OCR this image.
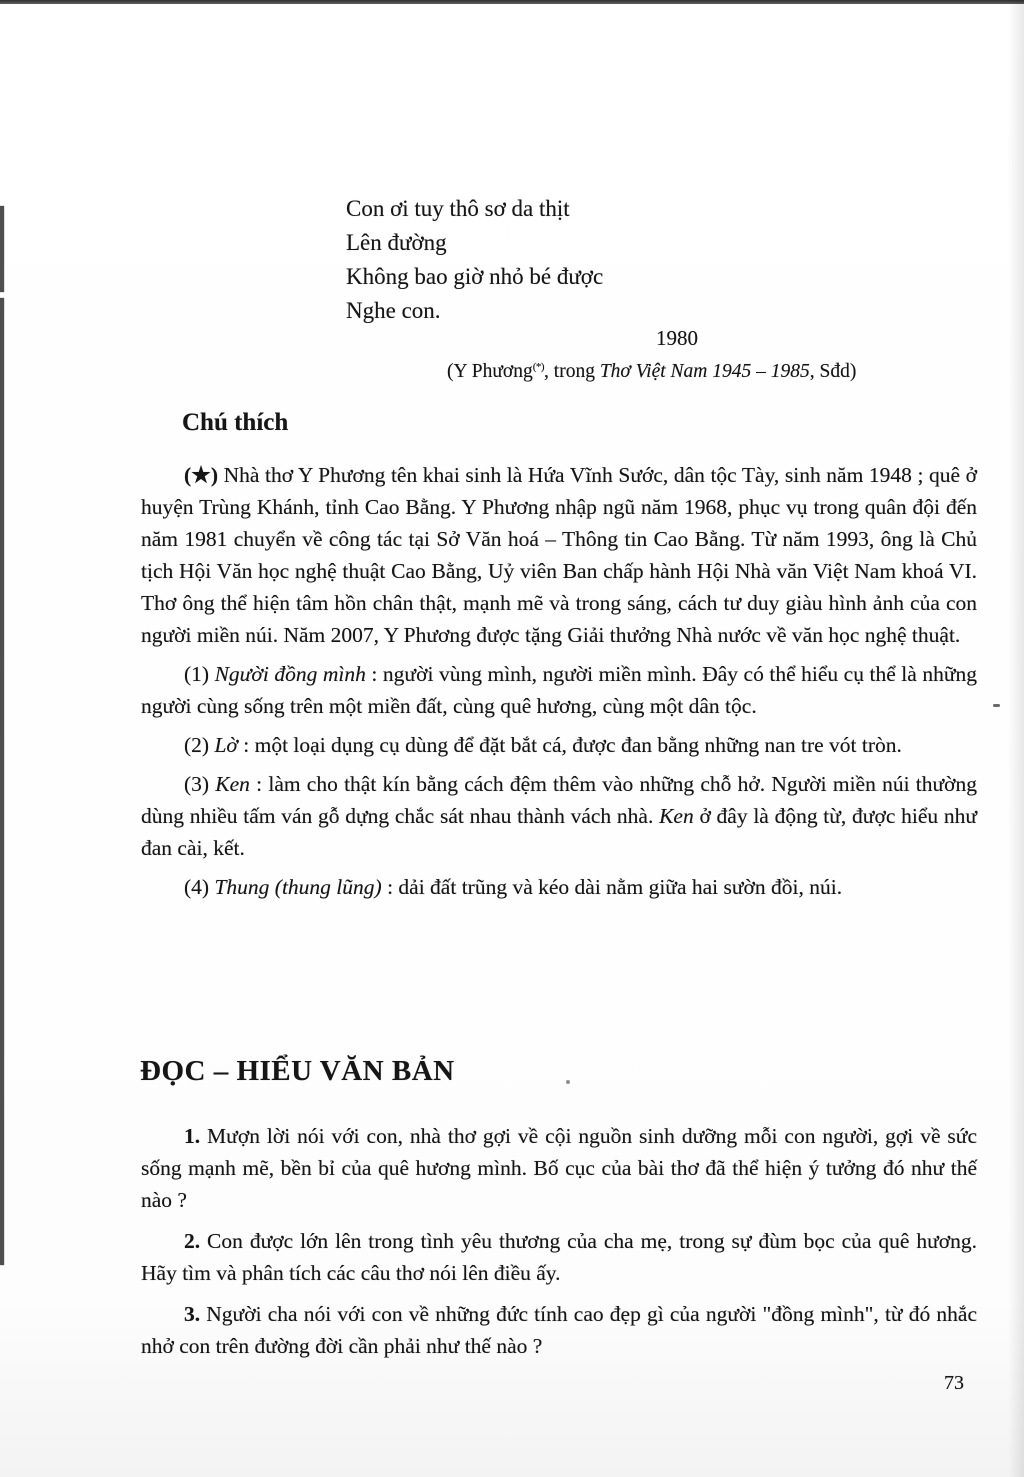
Con ơi tuy thô sơ da thịt
Lên đường
Không bao giờ nhỏ bé được
Nghe con.
1980
(Y Phương(*), trong Thơ Việt Nam 1945 – 1985, Sđd)
Chú thích

(★) Nhà thơ Y Phương tên khai sinh là Hứa Vĩnh Sước, dân tộc Tày, sinh năm 1948 ; quê ở huyện Trùng Khánh, tỉnh Cao Bằng. Y Phương nhập ngũ năm 1968, phục vụ trong quân đội đến năm 1981 chuyển về công tác tại Sở Văn hoá – Thông tin Cao Bằng. Từ năm 1993, ông là Chủ tịch Hội Văn học nghệ thuật Cao Bằng, Uỷ viên Ban chấp hành Hội Nhà văn Việt Nam khoá VI. Thơ ông thể hiện tâm hồn chân thật, mạnh mẽ và trong sáng, cách tư duy giàu hình ảnh của con người miền núi. Năm 2007, Y Phương được tặng Giải thưởng Nhà nước về văn học nghệ thuật.

(1) Người đồng mình : người vùng mình, người miền mình. Đây có thể hiểu cụ thể là những người cùng sống trên một miền đất, cùng quê hương, cùng một dân tộc.

(2) Lờ : một loại dụng cụ dùng để đặt bắt cá, được đan bằng những nan tre vót tròn.

(3) Ken : làm cho thật kín bằng cách đệm thêm vào những chỗ hở. Người miền núi thường dùng nhiều tấm ván gỗ dựng chắc sát nhau thành vách nhà. Ken ở đây là động từ, được hiểu như đan cài, kết.

(4) Thung (thung lũng) : dải đất trũng và kéo dài nằm giữa hai sườn đồi, núi.

ĐỌC – HIỂU VĂN BẢN

1. Mượn lời nói với con, nhà thơ gợi về cội nguồn sinh dưỡng mỗi con người, gợi về sức sống mạnh mẽ, bền bỉ của quê hương mình. Bố cục của bài thơ đã thể hiện ý tưởng đó như thế nào ?

2. Con được lớn lên trong tình yêu thương của cha mẹ, trong sự đùm bọc của quê hương. Hãy tìm và phân tích các câu thơ nói lên điều ấy.

3. Người cha nói với con về những đức tính cao đẹp gì của người "đồng mình", từ đó nhắc nhở con trên đường đời cần phải như thế nào ?

73
